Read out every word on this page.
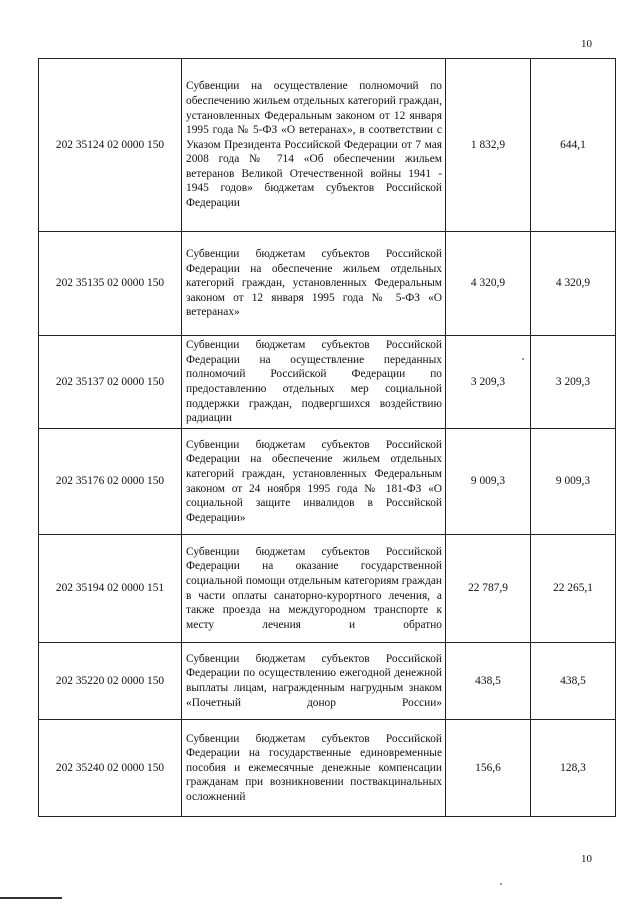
10
202 35124 02 0000 150	Субвенции на осуществление полномочий по обеспечению жильем отдельных категорий граждан, установленных Федеральным законом от 12 января 1995 года № 5-ФЗ «О ветеранах», в соответствии с Указом Президента Российской Федерации от 7 мая 2008 года № 714 «Об обеспечении жильем ветеранов Великой Отечественной войны 1941 - 1945 годов» бюджетам субъектов Российской Федерации	1 832,9	644,1
202 35135 02 0000 150	Субвенции бюджетам субъектов Российской Федерации на обеспечение жильем отдельных категорий граждан, установленных Федеральным законом от 12 января 1995 года № 5-ФЗ «О ветеранах»	4 320,9	4 320,9
202 35137 02 0000 150	Субвенции бюджетам субъектов Российской Федерации на осуществление переданных полномочий Российской Федерации по предоставлению отдельных мер социальной поддержки граждан, подвергшихся воздействию радиации	3 209,3	3 209,3
202 35176 02 0000 150	Субвенции бюджетам субъектов Российской Федерации на обеспечение жильем отдельных категорий граждан, установленных Федеральным законом от 24 ноября 1995 года № 181-ФЗ «О социальной защите инвалидов в Российской Федерации»	9 009,3	9 009,3
202 35194 02 0000 151	Субвенции бюджетам субъектов Российской Федерации на оказание государственной социальной помощи отдельным категориям граждан в части оплаты санаторно-курортного лечения, а также проезда на междугородном транспорте к месту лечения и обратно	22 787,9	22 265,1
202 35220 02 0000 150	Субвенции бюджетам субъектов Российской Федерации по осуществлению ежегодной денежной выплаты лицам, награжденным нагрудным знаком «Почетный донор России»	438,5	438,5
202 35240 02 0000 150	Субвенции бюджетам субъектов Российской Федерации на государственные единовременные пособия и ежемесячные денежные компенсации гражданам при возникновении поствакцинальных осложнений	156,6	128,3
10
